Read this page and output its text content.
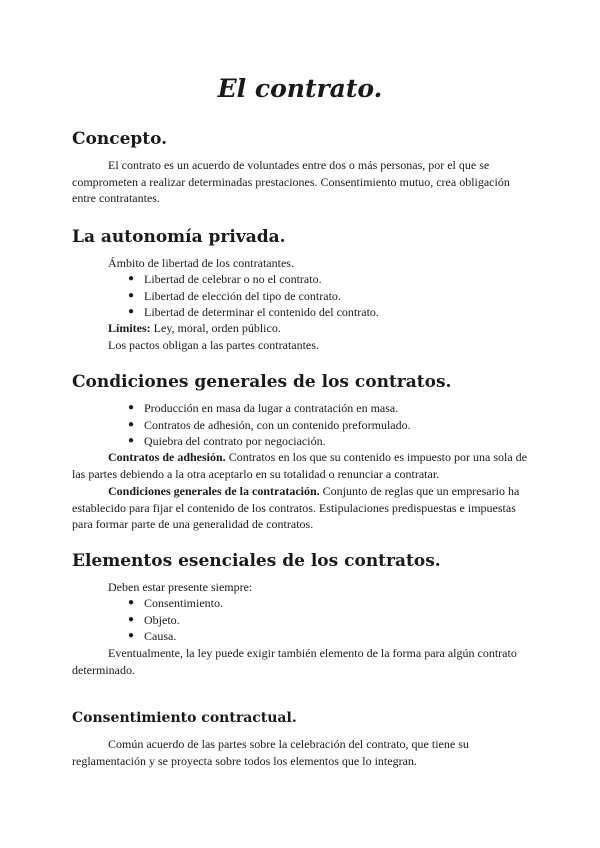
El contrato.
Concepto.

El contrato es un acuerdo de voluntades entre dos o más personas, por el que se comprometen a realizar determinadas prestaciones. Consentimiento mutuo, crea obligación entre contratantes.

La autonomía privada.

Ámbito de libertad de los contratantes.

● Libertad de celebrar o no el contrato.
● Libertad de elección del tipo de contrato.
● Libertad de determinar el contenido del contrato.

Límites: Ley, moral, orden público.

Los pactos obligan a las partes contratantes.

Condiciones generales de los contratos.
● Producción en masa da lugar a contratación en masa.
● Contratos de adhesión, con un contenido preformulado.
● Quiebra del contrato por negociación.

Contratos de adhesión. Contratos en los que su contenido es impuesto por una sola de las partes debiendo a la otra aceptarlo en su totalidad o renunciar a contratar.

Condiciones generales de la contratación. Conjunto de reglas que un empresario ha establecido para fijar el contenido de los contratos. Estipulaciones predispuestas e impuestas para formar parte de una generalidad de contratos.

Elementos esenciales de los contratos.

Deben estar presente siempre:

● Consentimiento.
● Objeto.
● Causa.

Eventualmente, la ley puede exigir también elemento de la forma para algún contrato determinado.

Consentimiento contractual.

Común acuerdo de las partes sobre la celebración del contrato, que tiene su reglamentación y se proyecta sobre todos los elementos que lo integran.
